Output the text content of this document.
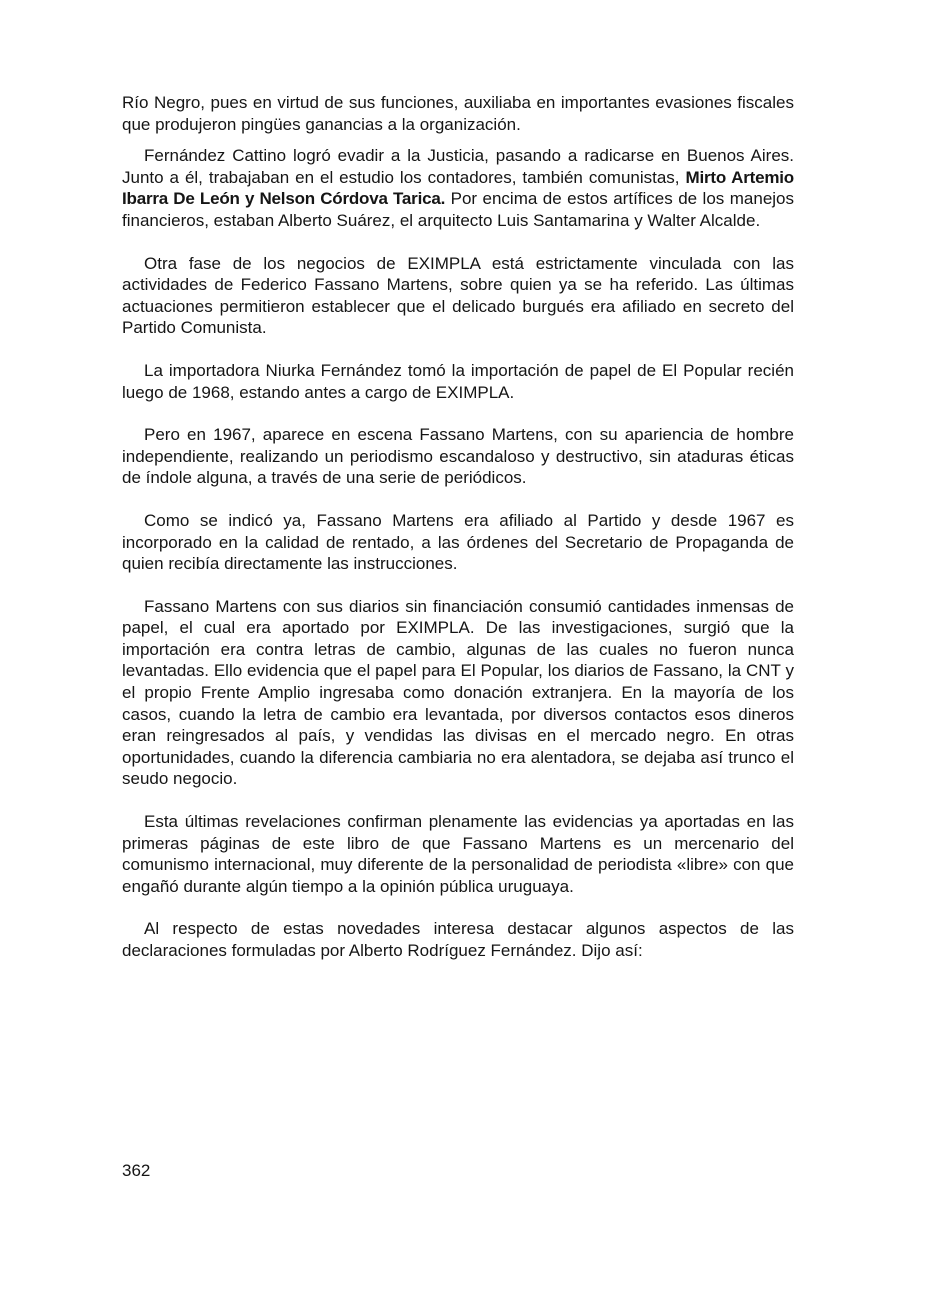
Río Negro, pues en virtud de sus funciones, auxiliaba en importantes evasiones fiscales que produjeron pingües ganancias a la organización.

Fernández Cattino logró evadir a la Justicia, pasando a radicarse en Buenos Aires. Junto a él, trabajaban en el estudio los contadores, también comunistas, Mirto Artemio Ibarra De León y Nelson Córdova Tarica. Por encima de estos artífices de los manejos financieros, estaban Alberto Suárez, el arquitecto Luis Santamarina y Walter Alcalde.

Otra fase de los negocios de EXIMPLA está estrictamente vinculada con las actividades de Federico Fassano Martens, sobre quien ya se ha referido. Las últimas actuaciones permitieron establecer que el delicado burgués era afiliado en secreto del Partido Comunista.

La importadora Niurka Fernández tomó la importación de papel de El Popular recién luego de 1968, estando antes a cargo de EXIMPLA.

Pero en 1967, aparece en escena Fassano Martens, con su apariencia de hombre independiente, realizando un periodismo escandaloso y destructivo, sin ataduras éticas de índole alguna, a través de una serie de periódicos.

Como se indicó ya, Fassano Martens era afiliado al Partido y desde 1967 es incorporado en la calidad de rentado, a las órdenes del Secretario de Propaganda de quien recibía directamente las instrucciones.

Fassano Martens con sus diarios sin financiación consumió cantidades inmensas de papel, el cual era aportado por EXIMPLA. De las investigaciones, surgió que la importación era contra letras de cambio, algunas de las cuales no fueron nunca levantadas. Ello evidencia que el papel para El Popular, los diarios de Fassano, la CNT y el propio Frente Amplio ingresaba como donación extranjera. En la mayoría de los casos, cuando la letra de cambio era levantada, por diversos contactos esos dineros eran reingresados al país, y vendidas las divisas en el mercado negro. En otras oportunidades, cuando la diferencia cambiaria no era alentadora, se dejaba así trunco el seudo negocio.

Esta últimas revelaciones confirman plenamente las evidencias ya aportadas en las primeras páginas de este libro de que Fassano Martens es un mercenario del comunismo internacional, muy diferente de la personalidad de periodista «libre» con que engañó durante algún tiempo a la opinión pública uruguaya.

Al respecto de estas novedades interesa destacar algunos aspectos de las declaraciones formuladas por Alberto Rodríguez Fernández. Dijo así:

362
